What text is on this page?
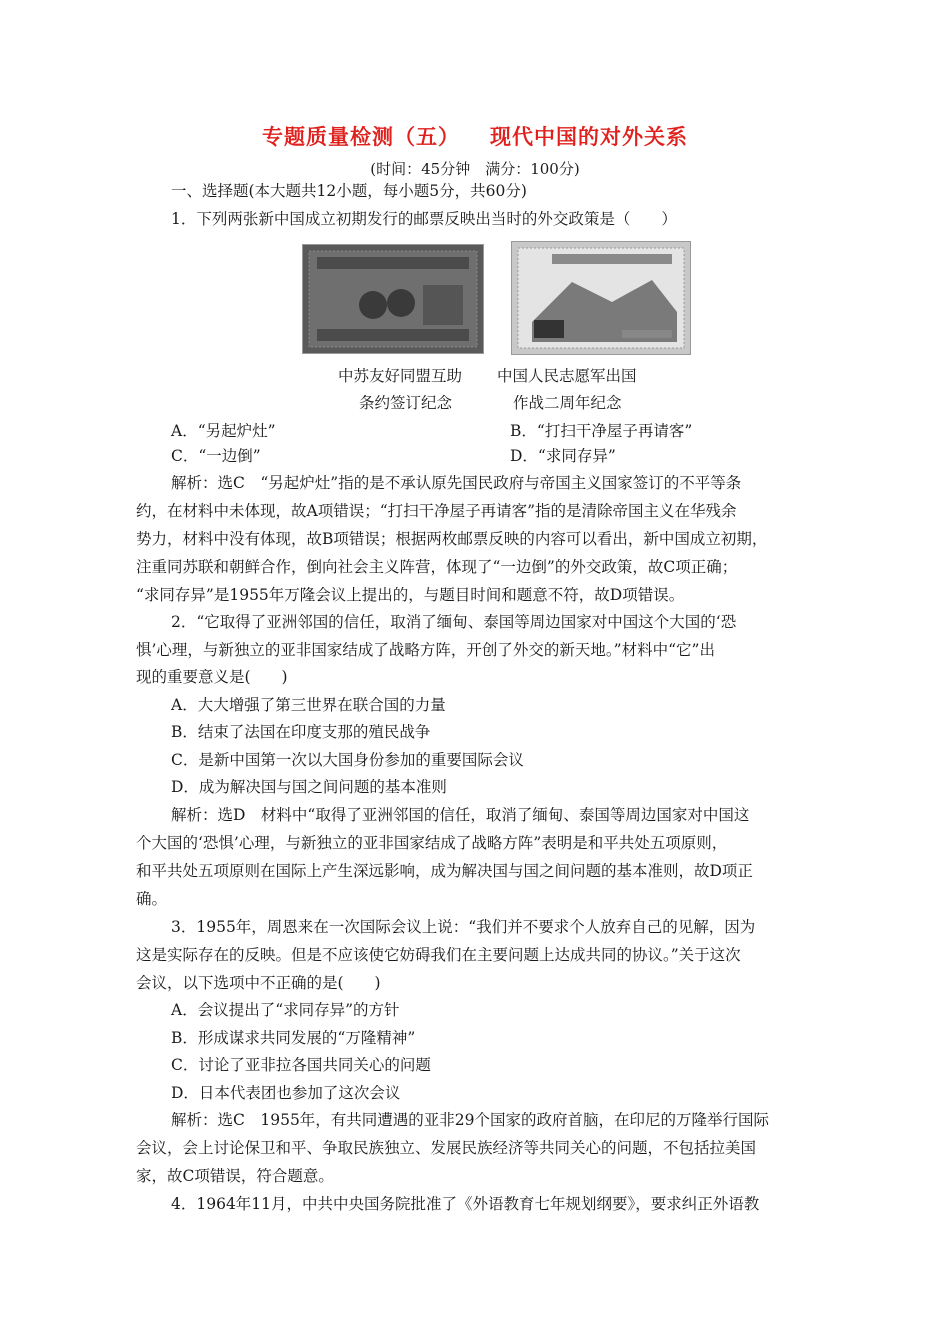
专题质量检测（五） 现代中国的对外关系
(时间：45分钟　满分：100分)
一、选择题(本大题共12小题，每小题5分，共60分)
1．下列两张新中国成立初期发行的邮票反映出当时的外交政策是（　　）
中苏友好同盟互助
条约签订纪念
中国人民志愿军出国
作战二周年纪念
A．“另起炉灶”	B．“打扫干净屋子再请客”
C．“一边倒”	D．“求同存异”
解析：选C　“另起炉灶”指的是不承认原先国民政府与帝国主义国家签订的不平等条
约，在材料中未体现，故A项错误；“打扫干净屋子再请客”指的是清除帝国主义在华残余
势力，材料中没有体现，故B项错误；根据两枚邮票反映的内容可以看出，新中国成立初期，
注重同苏联和朝鲜合作，倒向社会主义阵营，体现了“一边倒”的外交政策，故C项正确；
“求同存异”是1955年万隆会议上提出的，与题目时间和题意不符，故D项错误。
2．“它取得了亚洲邻国的信任，取消了缅甸、泰国等周边国家对中国这个大国的‘恐
惧’心理，与新独立的亚非国家结成了战略方阵，开创了外交的新天地。”材料中“它”出
现的重要意义是(　　)
A．大大增强了第三世界在联合国的力量
B．结束了法国在印度支那的殖民战争
C．是新中国第一次以大国身份参加的重要国际会议
D．成为解决国与国之间问题的基本准则
解析：选D　材料中“取得了亚洲邻国的信任，取消了缅甸、泰国等周边国家对中国这
个大国的‘恐惧’心理，与新独立的亚非国家结成了战略方阵”表明是和平共处五项原则，
和平共处五项原则在国际上产生深远影响，成为解决国与国之间问题的基本准则，故D项正
确。
3．1955年，周恩来在一次国际会议上说：“我们并不要求个人放弃自己的见解，因为
这是实际存在的反映。但是不应该使它妨碍我们在主要问题上达成共同的协议。”关于这次
会议，以下选项中不正确的是(　　)
A．会议提出了“求同存异”的方针
B．形成谋求共同发展的“万隆精神”
C．讨论了亚非拉各国共同关心的问题
D．日本代表团也参加了这次会议
解析：选C　1955年，有共同遭遇的亚非29个国家的政府首脑，在印尼的万隆举行国际
会议，会上讨论保卫和平、争取民族独立、发展民族经济等共同关心的问题，不包括拉美国
家，故C项错误，符合题意。
4．1964年11月，中共中央国务院批准了《外语教育七年规划纲要》，要求纠正外语教
